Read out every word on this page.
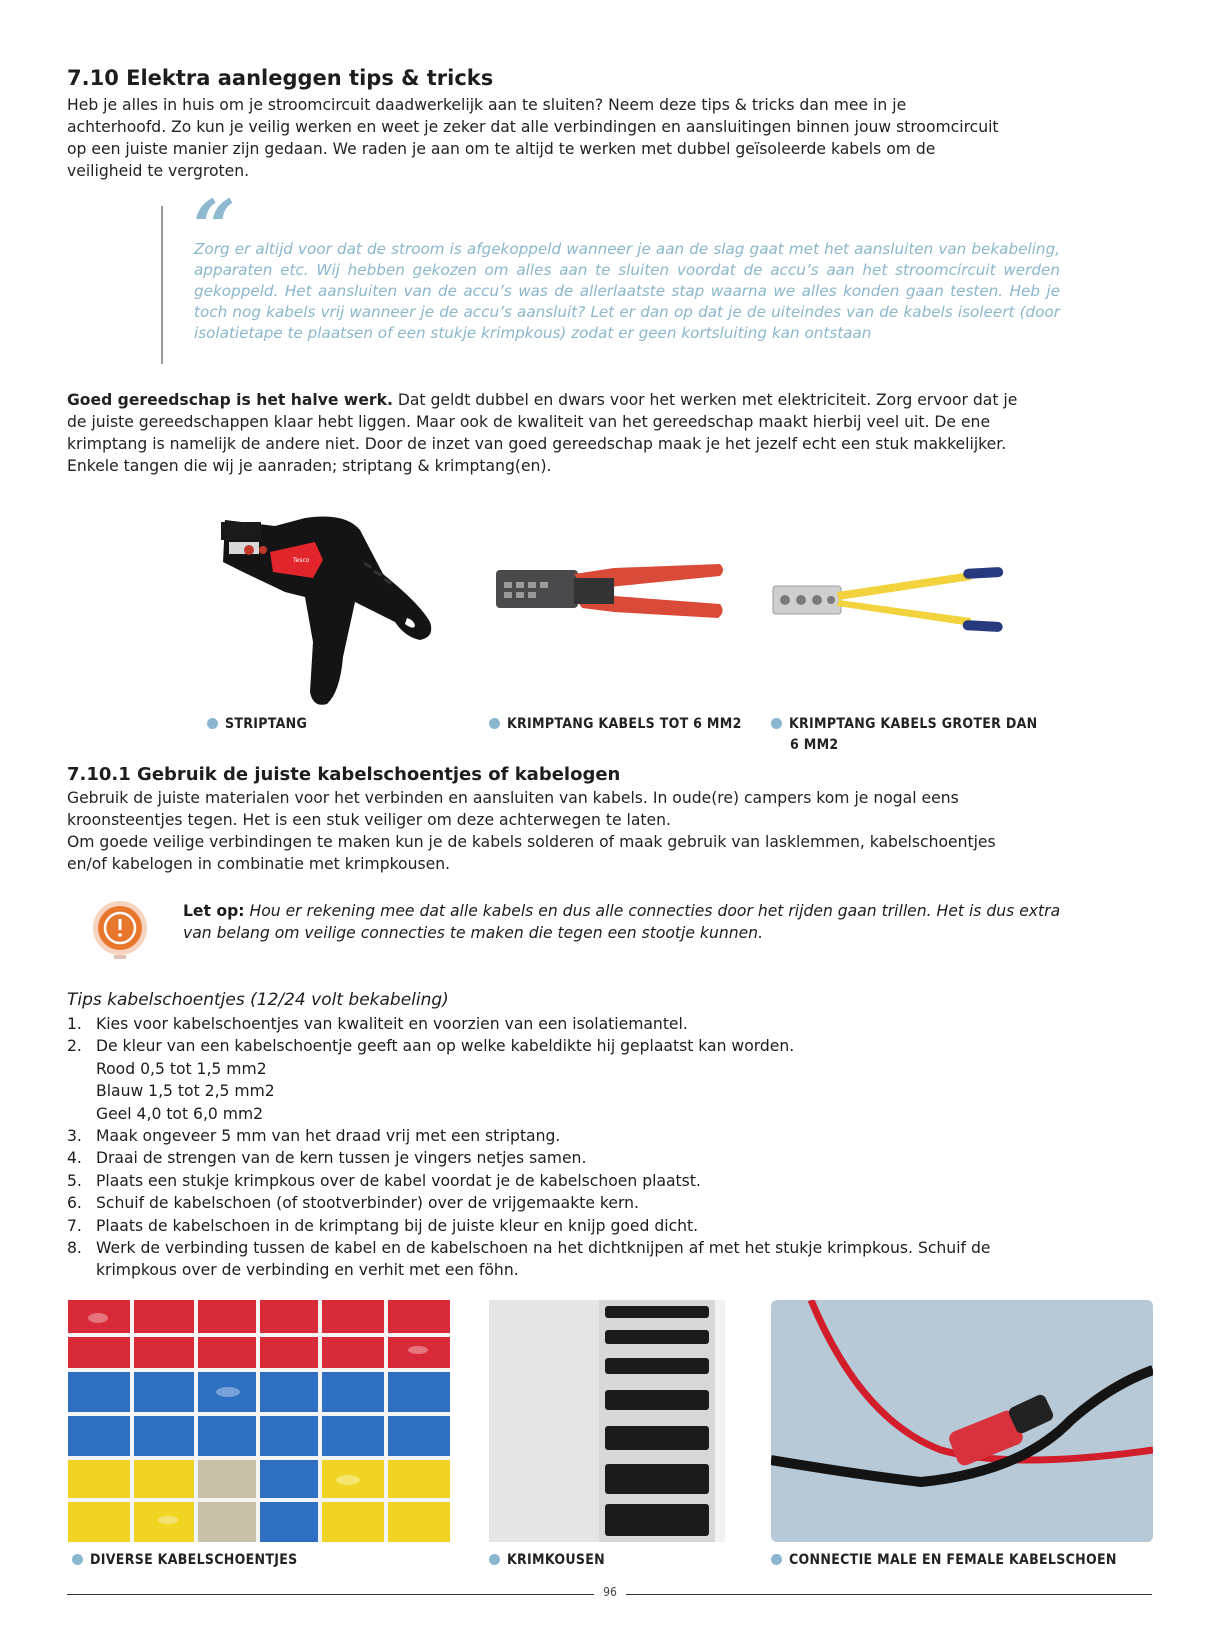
7.10 Elektra aanleggen tips & tricks
Heb je alles in huis om je stroomcircuit daadwerkelijk aan te sluiten? Neem deze tips & tricks dan mee in je
achterhoofd. Zo kun je veilig werken en weet je zeker dat alle verbindingen en aansluitingen binnen jouw stroomcircuit
op een juiste manier zijn gedaan. We raden je aan om te altijd te werken met dubbel geïsoleerde kabels om de
veiligheid te vergroten.
“

Zorg er altijd voor dat de stroom is afgekoppeld wanneer je aan de slag gaat met het aansluiten van bekabeling, apparaten etc. Wij hebben gekozen om alles aan te sluiten voordat de accu’s aan het stroomcircuit werden gekoppeld. Het aansluiten van de accu’s was de allerlaatste stap waarna we alles konden gaan testen. Heb je toch nog kabels vrij wanneer je de accu’s aansluit? Let er dan op dat je de uiteindes van de kabels isoleert (door isolatietape te plaatsen of een stukje krimpkous) zodat er geen kortsluiting kan ontstaan

Goed gereedschap is het halve werk. Dat geldt dubbel en dwars voor het werken met elektriciteit. Zorg ervoor dat je
de juiste gereedschappen klaar hebt liggen. Maar ook de kwaliteit van het gereedschap maakt hierbij veel uit. De ene
krimptang is namelijk de andere niet. Door de inzet van goed gereedschap maak je het jezelf echt een stuk makkelijker.
Enkele tangen die wij je aanraden; striptang & krimptang(en).
Tesco
STRIPTANG	KRIMPTANG KABELS TOT 6 MM2	KRIMPTANG KABELS GROTER DAN
6 MM2
7.10.1 Gebruik de juiste kabelschoentjes of kabelogen
Gebruik de juiste materialen voor het verbinden en aansluiten van kabels. In oude(re) campers kom je nogal eens
kroonsteentjes tegen. Het is een stuk veiliger om deze achterwegen te laten.
Om goede veilige verbindingen te maken kun je de kabels solderen of maak gebruik van lasklemmen, kabelschoentjes
en/of kabelogen in combinatie met krimpkousen.
Let op: Hou er rekening mee dat alle kabels en dus alle connecties door het rijden gaan trillen. Het is dus extra
van belang om veilige connecties te maken die tegen een stootje kunnen.
Tips kabelschoentjes (12/24 volt bekabeling)
1. Kies voor kabelschoentjes van kwaliteit en voorzien van een isolatiemantel.
2. De kleur van een kabelschoentje geeft aan op welke kabeldikte hij geplaatst kan worden.
Rood 0,5 tot 1,5 mm2
Blauw 1,5 tot 2,5 mm2
Geel 4,0 tot 6,0 mm2
3. Maak ongeveer 5 mm van het draad vrij met een striptang.
4. Draai de strengen van de kern tussen je vingers netjes samen.
5. Plaats een stukje krimpkous over de kabel voordat je de kabelschoen plaatst.
6. Schuif de kabelschoen (of stootverbinder) over de vrijgemaakte kern.
7. Plaats de kabelschoen in de krimptang bij de juiste kleur en knijp goed dicht.
8. Werk de verbinding tussen de kabel en de kabelschoen na het dichtknijpen af met het stukje krimpkous. Schuif de
krimpkous over de verbinding en verhit met een föhn.
DIVERSE KABELSCHOENTJES	KRIMKOUSEN	CONNECTIE MALE EN FEMALE KABELSCHOEN
96
